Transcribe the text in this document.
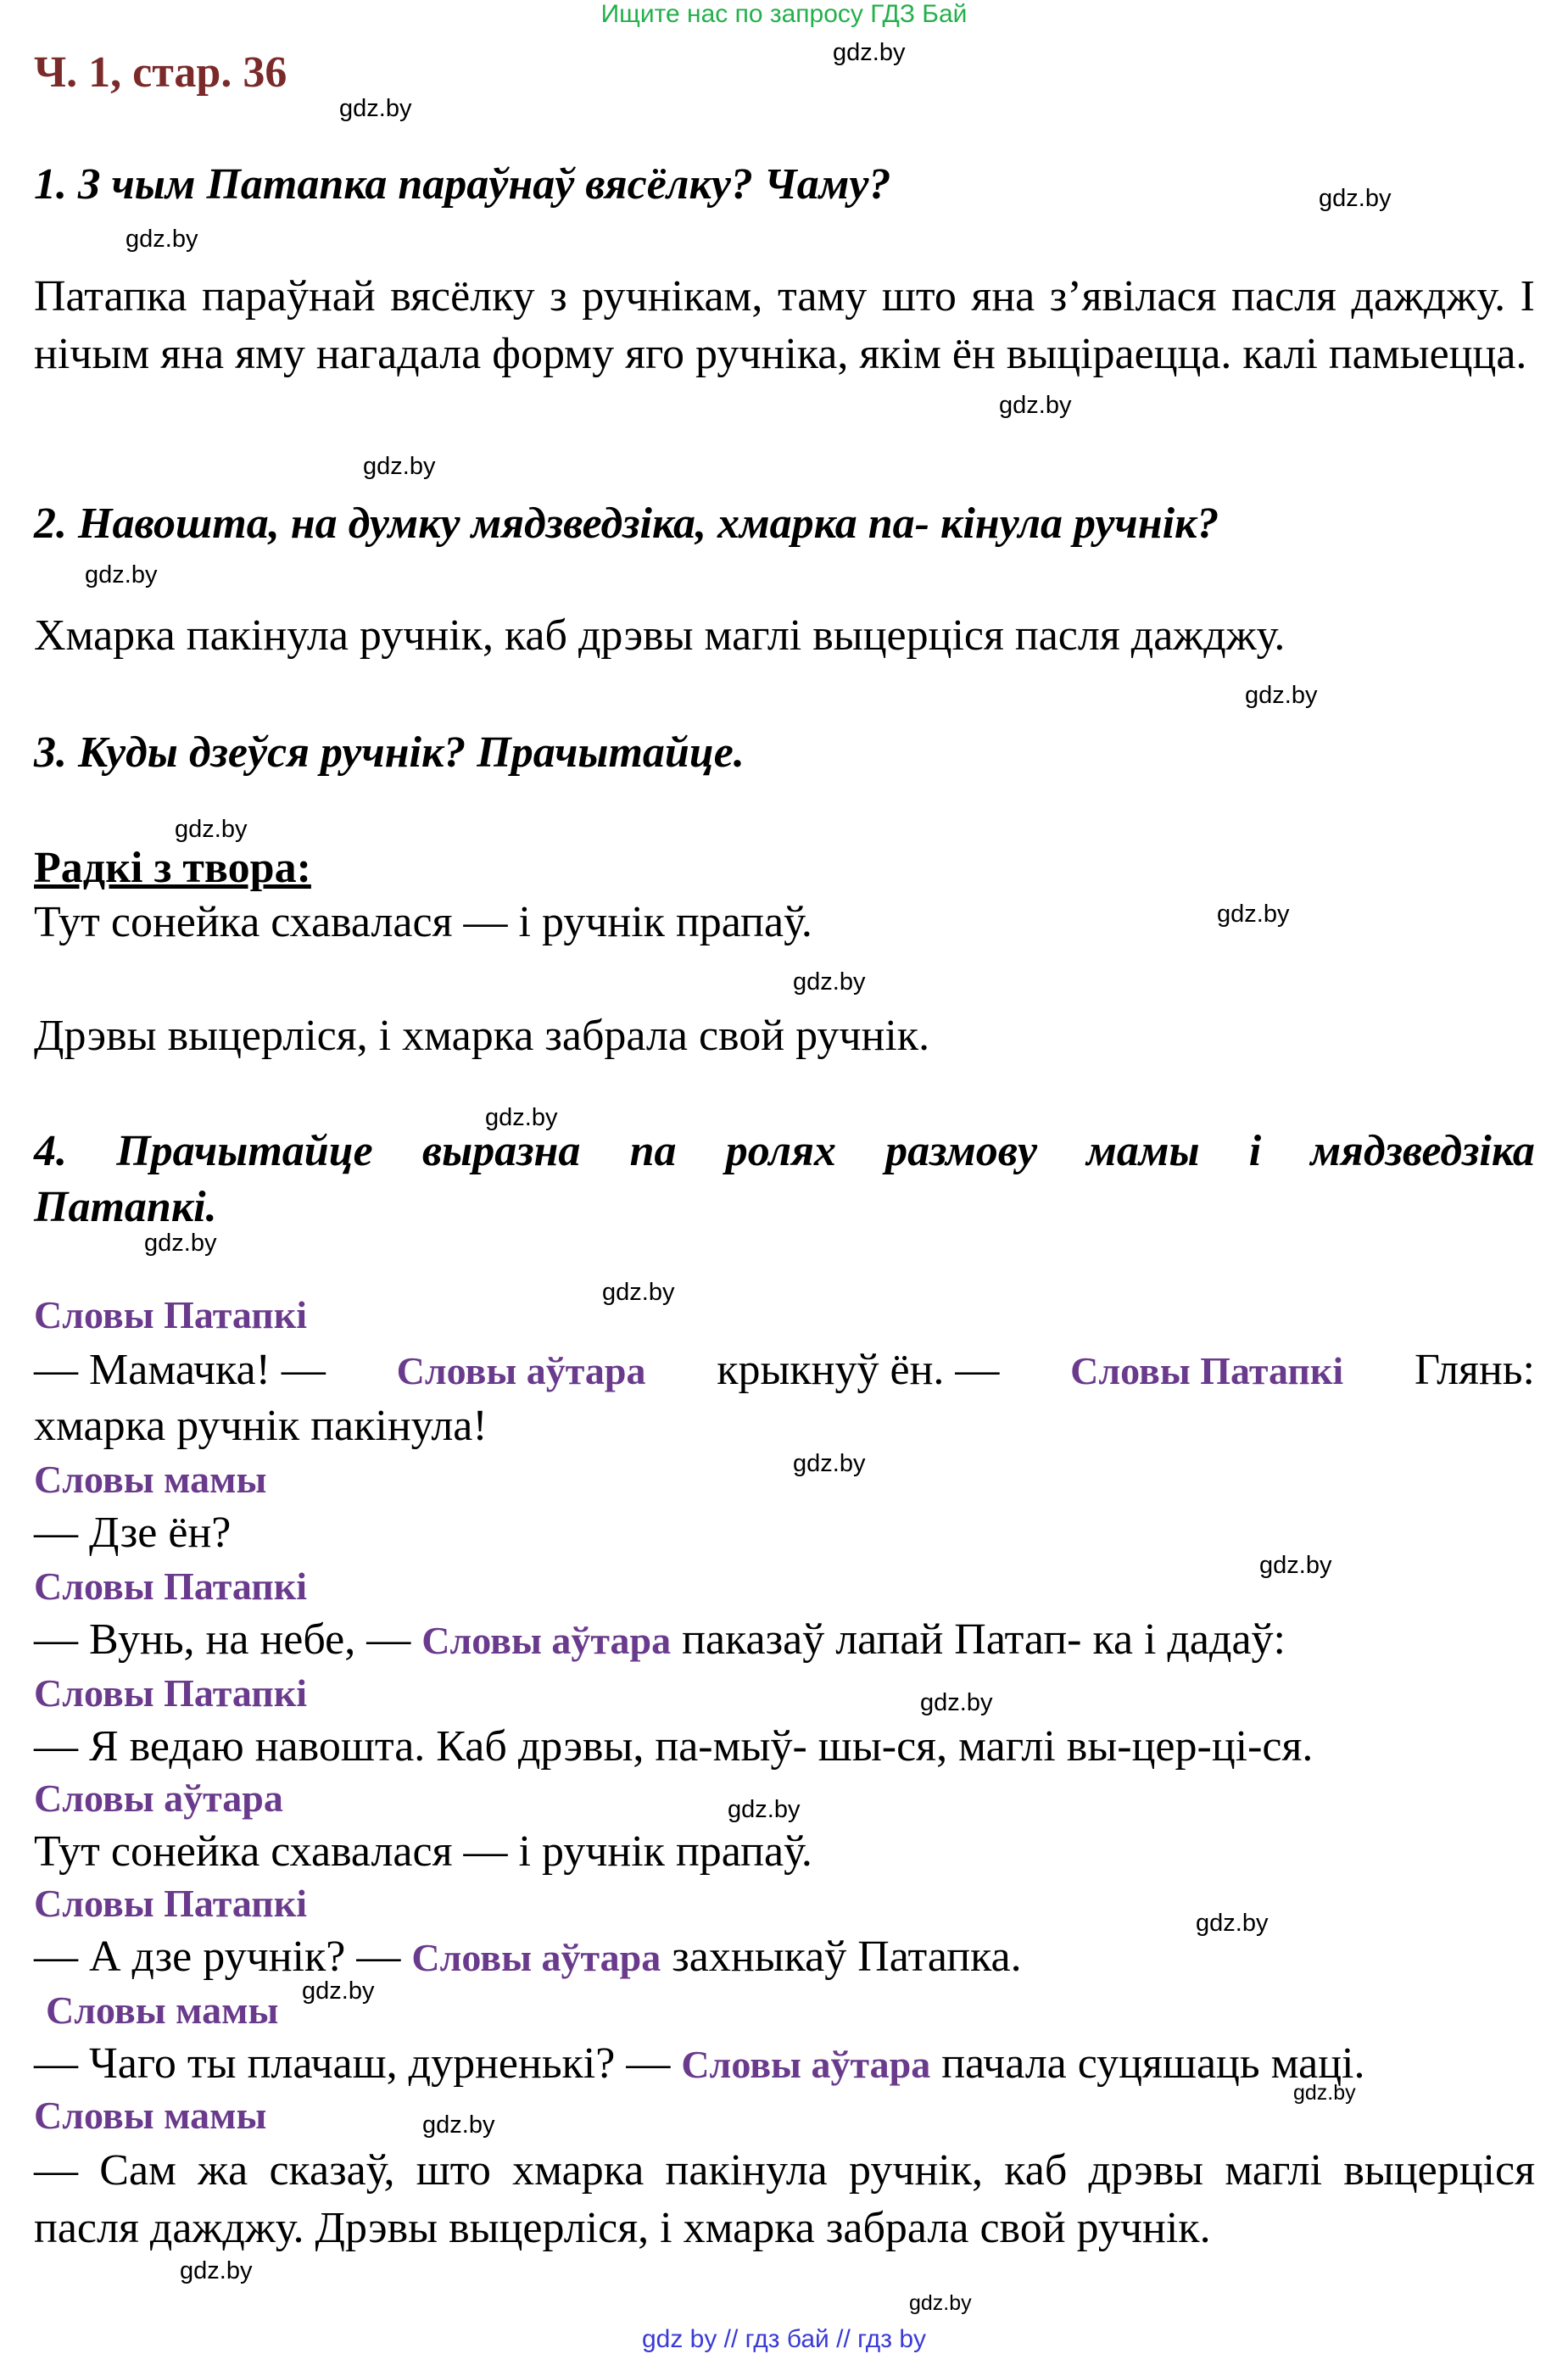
Ищите нас по запросу ГДЗ Бай
Ч. 1, стар. 36	gdz.by
gdz.by
gdz.by
gdz.by
gdz.by
gdz.by
gdz.by
gdz.by
gdz.by
gdz.by
gdz.by
gdz.by
gdz.by
gdz.by
gdz.by
gdz.by
gdz.by
gdz.by
gdz.by
gdz.by
gdz.by
gdz.by
gdz.by
gdz.by
1. З чым Патапка параўнаў вясёлку? Чаму?
Патапка параўнай вясёлку з ручнікам, таму што яна з’явілася пасля дажджу. І нічым яна яму нагадала форму яго ручніка, якім ён выціраецца. калі памыецца.
2. Навошта, на думку мядзведзіка, хмарка па- кінула ручнік?
Хмарка пакінула ручнік, каб дрэвы маглі выцерціся пасля дажджу.
3. Куды дзеўся ручнік? Прачытайце.
Радкі з твора:
Тут сонейка схавалася — і ручнік прапаў.
Дрэвы выцерліся, і хмарка забрала свой ручнік.
4. Прачытайце выразна па ролях размову мамы і мядзведзіка
Патапкі.
Словы Патапкі
— Мамачка! — Словы аўтара крыкнуў ён. — Словы Патапкі Глянь:
хмарка ручнік пакінула!
Словы мамы
— Дзе ён?
Словы Патапкі
— Вунь, на небе, — Словы аўтара паказаў лапай Патап- ка і дадаў:
Словы Патапкі
— Я ведаю навошта. Каб дрэвы, па-мыў- шы-ся, маглі вы-цер-ці-ся.
Словы аўтара
Тут сонейка схавалася — і ручнік прапаў.
Словы Патапкі
— А дзе ручнік? — Словы аўтара захныкаў Патапка.
Словы мамы
— Чаго ты плачаш, дурненькі? — Словы аўтара пачала суцяшаць маці.
Словы мамы
— Сам жа сказаў, што хмарка пакінула ручнік, каб дрэвы маглі выцерціся пасля дажджу. Дрэвы выцерліся, і хмарка забрала свой ручнік.
gdz by // гдз бай // гдз by
